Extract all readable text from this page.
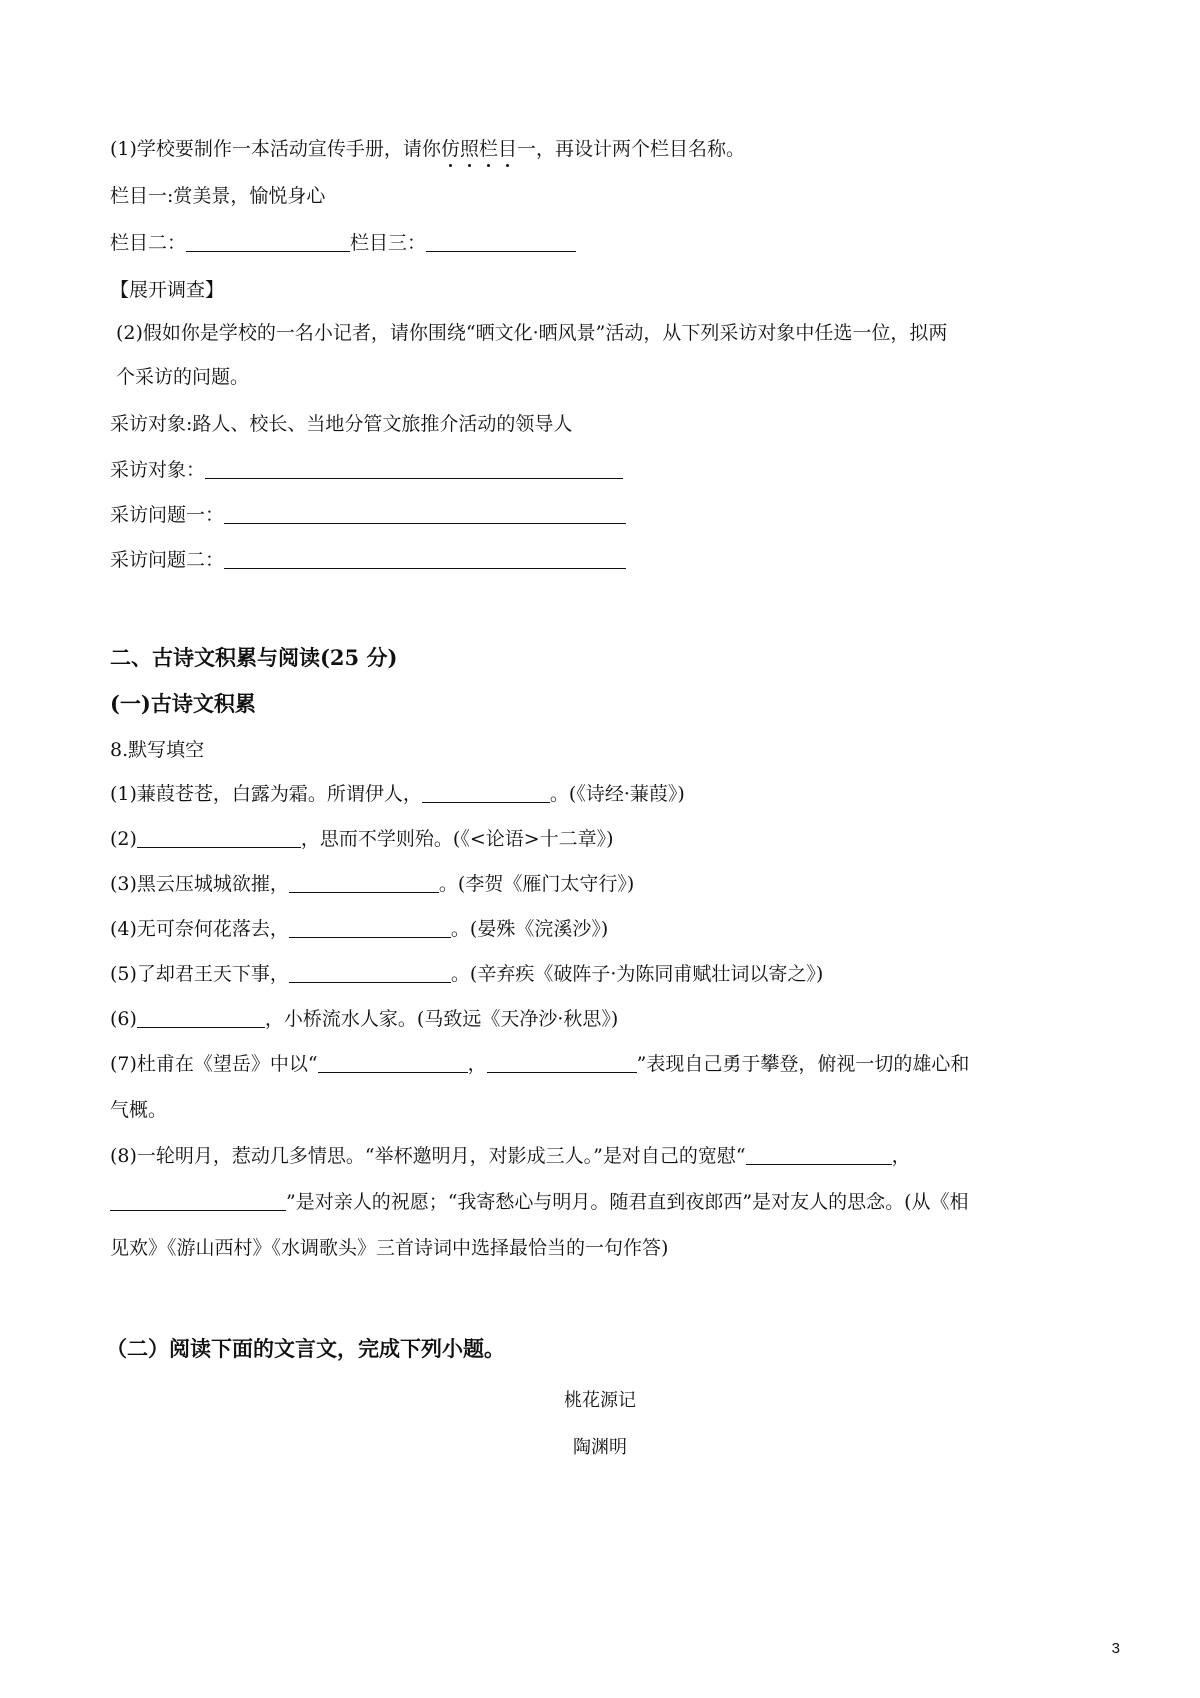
(1)学校要制作一本活动宣传手册，请你仿照栏目一，再设计两个栏目名称。
栏目一:赏美景，愉悦身心
栏目二：	栏目三：
【展开调查】
(2)假如你是学校的一名小记者，请你围绕“晒文化·晒风景”活动，从下列采访对象中任选一位，拟两
个采访的问题。
采访对象:路人、校长、当地分管文旅推介活动的领导人
采访对象：
采访问题一：
采访问题二：
二、古诗文积累与阅读(25 分)
(一)古诗文积累
8.默写填空
(1)蒹葭苍苍，白露为霜。所谓伊人，	。(《诗经·蒹葭》)
(2)	，思而不学则殆。(《<论语>十二章》)
(3)黑云压城城欲摧，	。(李贺《雁门太守行》)
(4)无可奈何花落去，	。(晏殊《浣溪沙》)
(5)了却君王天下事，	。(辛弃疾《破阵子·为陈同甫赋壮词以寄之》)
(6)	，小桥流水人家。(马致远《天净沙·秋思》)
(7)杜甫在《望岳》中以“	，	”表现自己勇于攀登，俯视一切的雄心和
气概。
(8)一轮明月，惹动几多情思。“举杯邀明月，对影成三人。”是对自己的宽慰“	，
”是对亲人的祝愿；“我寄愁心与明月。随君直到夜郎西”是对友人的思念。(从《相
见欢》《游山西村》《水调歌头》三首诗词中选择最恰当的一句作答)
（二）阅读下面的文言文，完成下列小题。
桃花源记
陶渊明
3
